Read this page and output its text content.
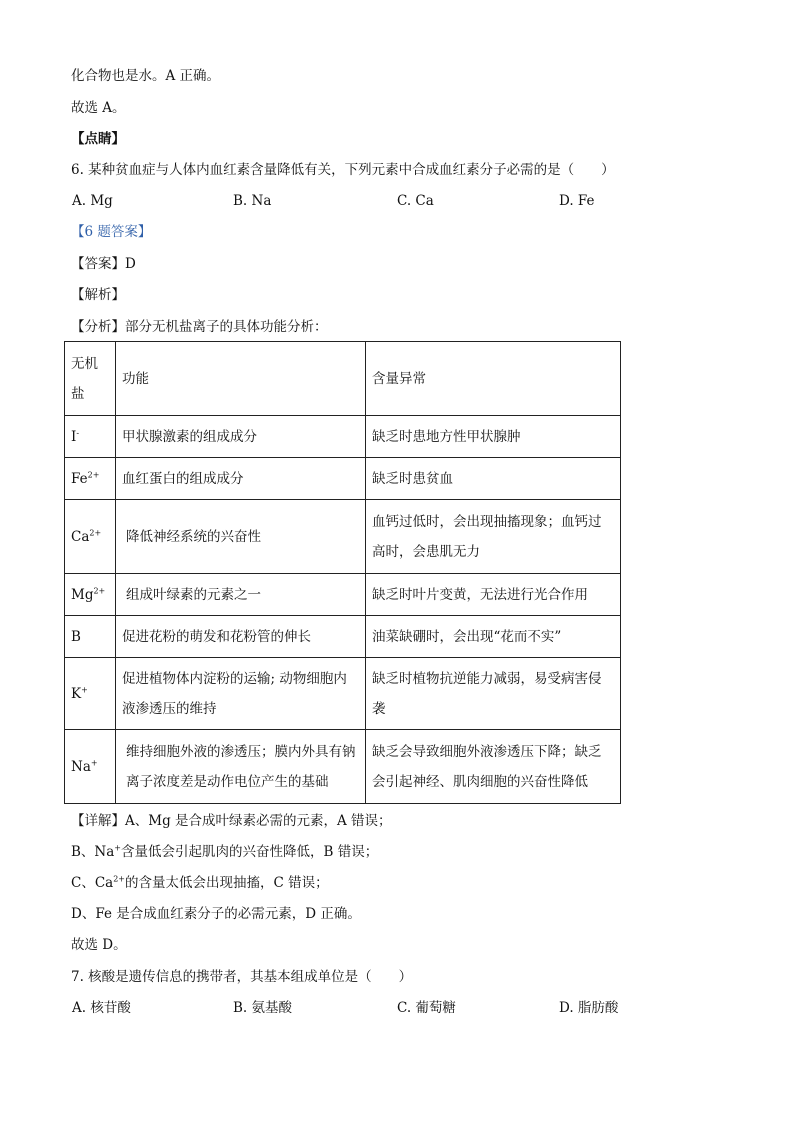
化合物也是水。A 正确。
故选 A。
【点睛】
6. 某种贫血症与人体内血红素含量降低有关，下列元素中合成血红素分子必需的是（　　）
A. Mg	B. Na	C. Ca	D. Fe
【6 题答案】
【答案】D
【解析】
【分析】部分无机盐离子的具体功能分析：
无机盐	功能	含量异常
I-	甲状腺激素的组成成分	缺乏时患地方性甲状腺肿
$Fe^{2+}$	血红蛋白的组成成分	缺乏时患贫血
$Ca^{2+}$	降低神经系统的兴奋性	血钙过低时，会出现抽搐现象；血钙过高时，会患肌无力
$Mg^{2+}$	组成叶绿素的元素之一	缺乏时叶片变黄，无法进行光合作用
B	促进花粉的萌发和花粉管的伸长	油菜缺硼时，会出现“花而不实”
K+	促进植物体内淀粉的运输; 动物细胞内液渗透压的维持	缺乏时植物抗逆能力减弱，易受病害侵袭
Na+	维持细胞外液的渗透压；膜内外具有钠离子浓度差是动作电位产生的基础	缺乏会导致细胞外液渗透压下降；缺乏会引起神经、肌肉细胞的兴奋性降低
【详解】A、Mg 是合成叶绿素必需的元素，A 错误；
B、Na+含量低会引起肌肉的兴奋性降低，B 错误；
C、$Ca^{2+}$的含量太低会出现抽搐，C 错误；
D、Fe 是合成血红素分子的必需元素，D 正确。
故选 D。
7. 核酸是遗传信息的携带者，其基本组成单位是（　　）
A. 核苷酸	B. 氨基酸	C. 葡萄糖	D. 脂肪酸
